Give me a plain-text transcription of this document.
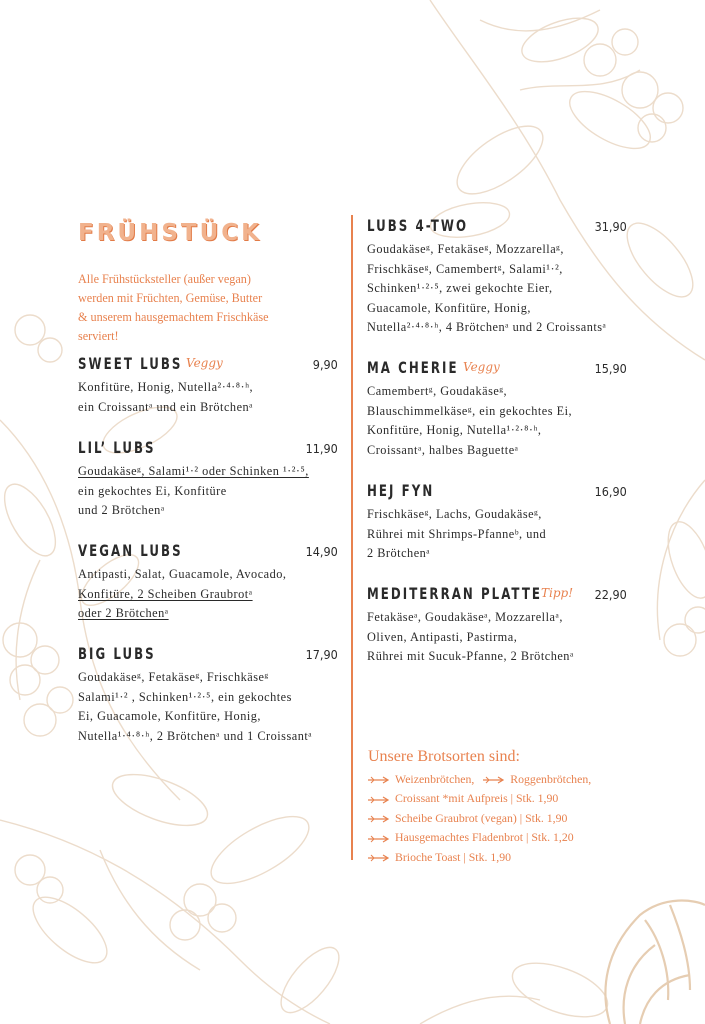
FRÜHSTÜCK
Alle Frühstücksteller (außer vegan)
werden mit Früchten, Gemüse, Butter
& unserem hausgemachtem Frischkäse
serviert!
SWEET LUBS Veggy	9,90
Konfitüre, Honig, Nutella²·⁴·⁸·ʰ,
ein Croissantᵃ und ein Brötchenᵃ
LIL’ LUBS	11,90
Goudakäseᵍ, Salami¹·² oder Schinken ¹·²·⁵,
ein gekochtes Ei, Konfitüre
und 2 Brötchenᵃ
VEGAN LUBS	14,90
Antipasti, Salat, Guacamole, Avocado,
Konfitüre, 2 Scheiben Graubrotᵃ
oder 2 Brötchenᵃ
BIG LUBS	17,90
Goudakäseᵍ, Fetakäseᵍ, Frischkäseᵍ
Salami¹·² , Schinken¹·²·⁵, ein gekochtes
Ei, Guacamole, Konfitüre, Honig,
Nutella¹·⁴·⁸·ʰ, 2 Brötchenᵃ und 1 Croissantᵃ
LUBS 4-TWO	31,90
Goudakäseᵍ, Fetakäseᵍ, Mozzarellaᵍ,
Frischkäseᵍ, Camembertᵍ, Salami¹·²,
Schinken¹·²·⁵, zwei gekochte Eier,
Guacamole, Konfitüre, Honig,
Nutella²·⁴·⁸·ʰ, 4 Brötchenᵃ und 2 Croissantsᵃ
MA CHERIE Veggy	15,90
Camembertᵍ, Goudakäseᵍ,
Blauschimmelkäseᵍ, ein gekochtes Ei,
Konfitüre, Honig, Nutella¹·²·⁸·ʰ,
Croissantᵃ, halbes Baguetteᵃ
HEJ FYN	16,90
Frischkäseᵍ, Lachs, Goudakäseᵍ,
Rührei mit Shrimps-Pfanneᵇ, und
2 Brötchenᵃ
MEDITERRAN PLATTE
Tipp! 22,90
Fetakäseᵃ, Goudakäseᵃ, Mozzarellaᵃ,
Oliven, Antipasti, Pastirma,
Rührei mit Sucuk-Pfanne, 2 Brötchenᵃ
Unsere Brotsorten sind:
Weizenbrötchen,	Roggenbrötchen,
Croissant *mit Aufpreis | Stk. 1,90
Scheibe Graubrot (vegan) | Stk. 1,90
Hausgemachtes Fladenbrot | Stk. 1,20
Brioche Toast | Stk. 1,90
